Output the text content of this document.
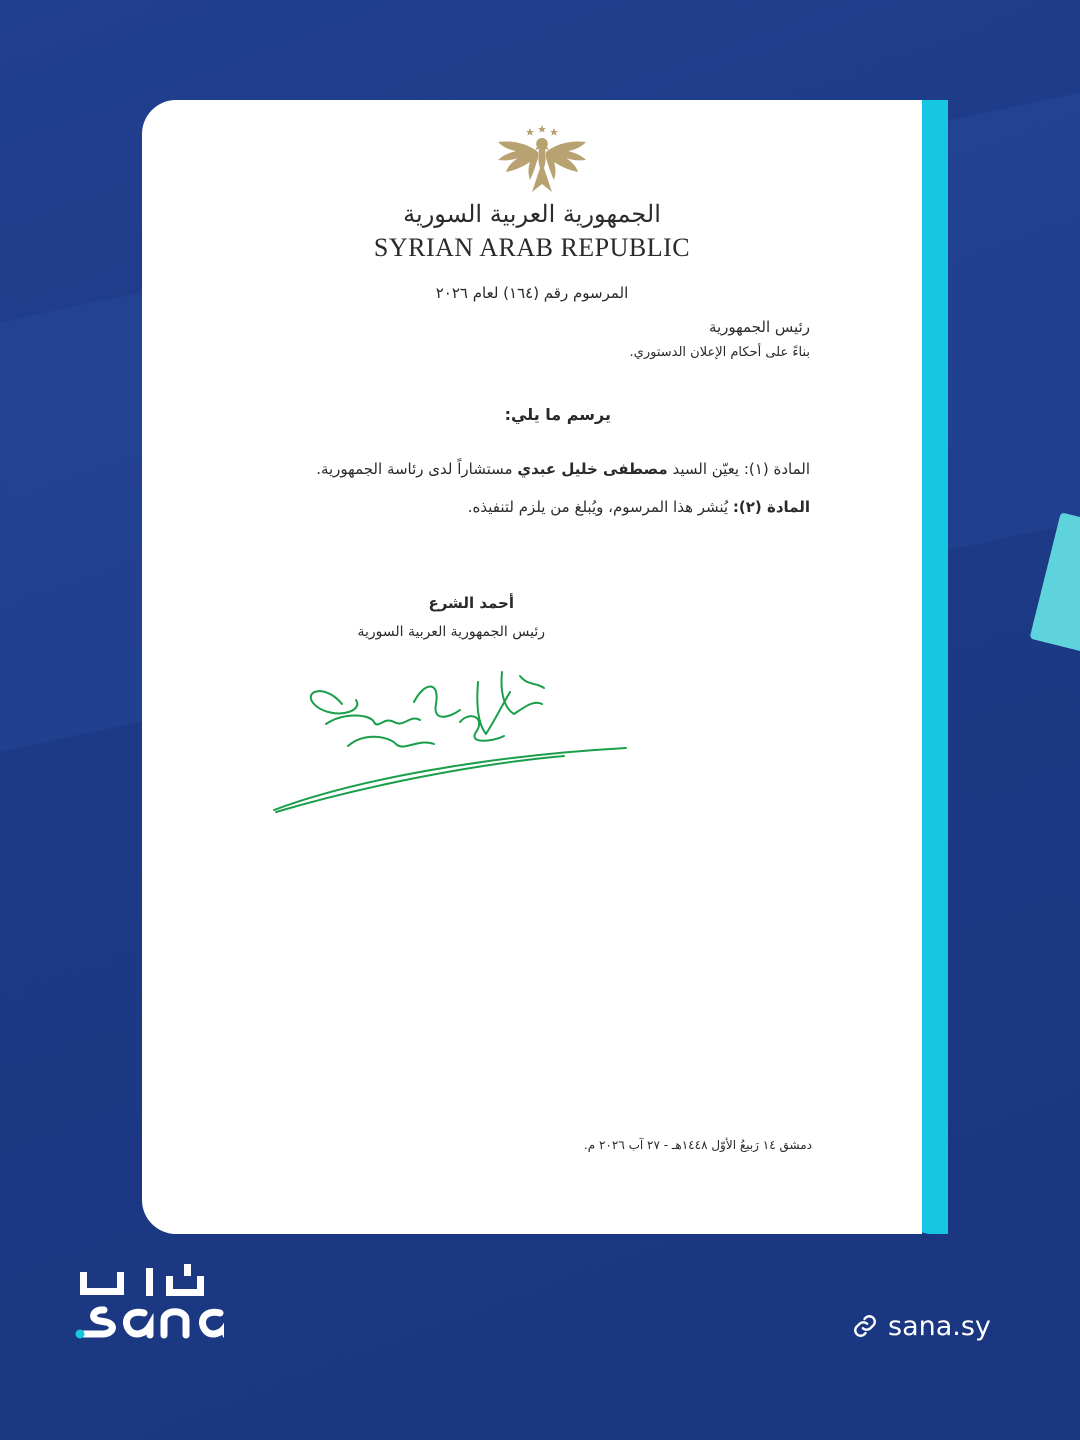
الجمهورية العربية السورية
SYRIAN ARAB REPUBLIC
المرسوم رقم (١٦٤) لعام ٢٠٢٦
رئيس الجمهورية
بناءً على أحكام الإعلان الدستوري.
يرسم ما يلي:
المادة (١): يعيّن السيد مصطفى خليل عبدي مستشاراً لدى رئاسة الجمهورية.
المادة (٢): يُنشر هذا المرسوم، ويُبلغ من يلزم لتنفيذه.
أحمد الشرع
رئيس الجمهورية العربية السورية
دمشق ١٤ رَبيعُ الأوّل ١٤٤٨هـ - ٢٧ آب ٢٠٢٦ م.
sana.sy
